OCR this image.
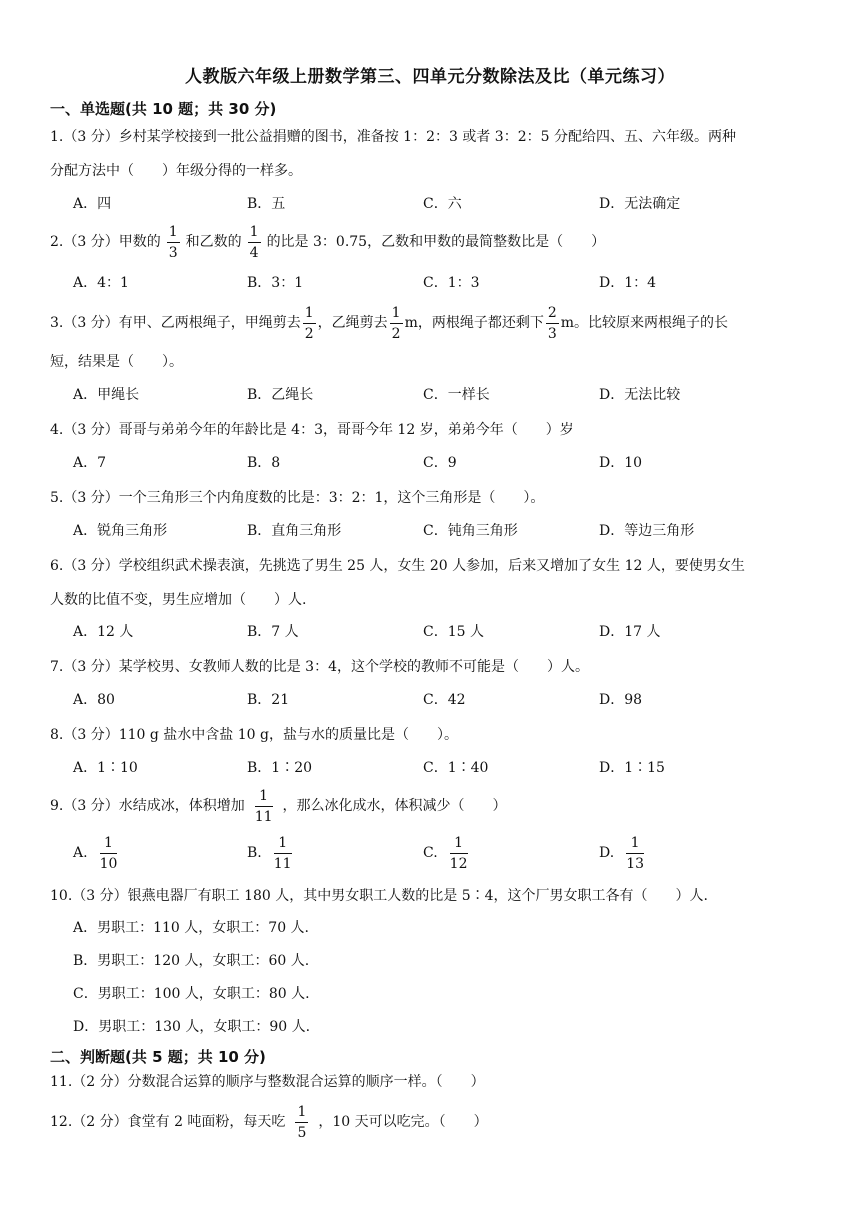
人教版六年级上册数学第三、四单元分数除法及比（单元练习）
一、单选题(共 10 题；共 30 分)
1.（3 分）乡村某学校接到一批公益捐赠的图书，准备按 1：2：3 或者 3：2：5 分配给四、五、六年级。两种
分配方法中（　　）年级分得的一样多。
A．四	B．五	C．六	D．无法确定
2.（3 分）甲数的 $\frac{1}{3}$ 和乙数的 $\frac{1}{4}$ 的比是 3：0.75，乙数和甲数的最简整数比是（　　）
A．4：1	B．3：1	C．1：3	D．1：4
3.（3 分）有甲、乙两根绳子，甲绳剪去 $\frac{1}{2}$ ，乙绳剪去 $\frac{1}{2}$ m，两根绳子都还剩下 $\frac{2}{3}$ m。比较原来两根绳子的长
短，结果是（　　）。
A．甲绳长	B．乙绳长	C．一样长	D．无法比较
4.（3 分）哥哥与弟弟今年的年龄比是 4：3，哥哥今年 12 岁，弟弟今年（　　）岁
A．7	B．8	C．9	D．10
5.（3 分）一个三角形三个内角度数的比是：3：2：1，这个三角形是（　　）。
A．锐角三角形	B．直角三角形	C．钝角三角形	D．等边三角形
6.（3 分）学校组织武术操表演，先挑选了男生 25 人，女生 20 人参加，后来又增加了女生 12 人，要使男女生
人数的比值不变，男生应增加（　　）人.
A．12 人	B．7 人	C．15 人	D．17 人
7.（3 分）某学校男、女教师人数的比是 3：4，这个学校的教师不可能是（　　）人。
A．80	B．21	C．42	D．98
8.（3 分）110 g 盐水中含盐 10 g，盐与水的质量比是（　　）。
A．1∶10	B．1∶20	C．1∶40	D．1∶15
9.（3 分）水结成冰，体积增加 $\frac{1}{11}$ ，那么冰化成水，体积减少（　　）
A. $\frac{1}{10}$	B. $\frac{1}{11}$	C. $\frac{1}{12}$	D. $\frac{1}{13}$
10.（3 分）银燕电器厂有职工 180 人，其中男女职工人数的比是 5∶4，这个厂男女职工各有（　　）人.
A．男职工：110 人，女职工：70 人.
B．男职工：120 人，女职工：60 人.
C．男职工：100 人，女职工：80 人.
D．男职工：130 人，女职工：90 人.
二、判断题(共 5 题；共 10 分)
11.（2 分）分数混合运算的顺序与整数混合运算的顺序一样。（　　）
12.（2 分）食堂有 2 吨面粉，每天吃 $\frac{1}{5}$ ，10 天可以吃完。（　　）
